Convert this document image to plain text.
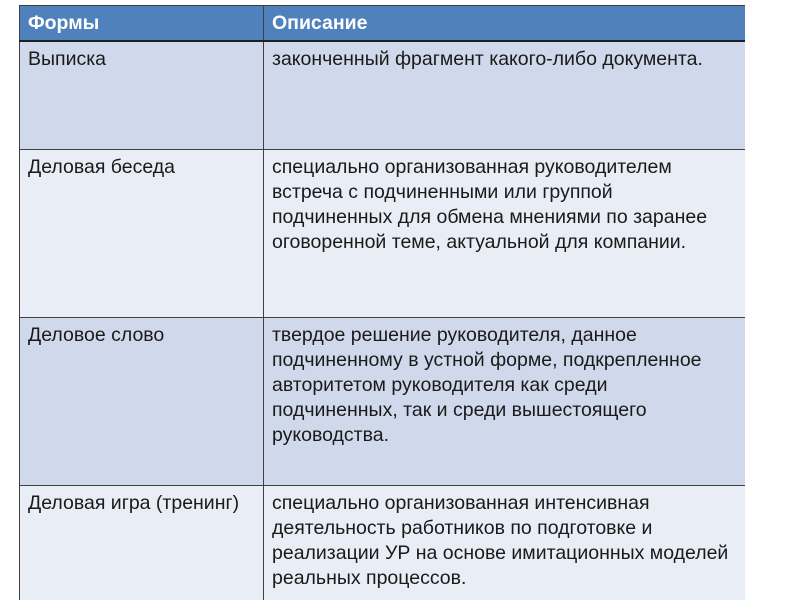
Формы	Описание
Выписка	законченный фрагмент какого-либо документа.
Деловая беседа	специально организованная руководителем встреча с подчиненными или группой подчиненных для обмена мнениями по заранее оговоренной теме, актуальной для компании.
Деловое слово	твердое решение руководителя, данное подчиненному в устной форме, подкрепленное авторитетом руководителя как среди подчиненных, так и среди вышестоящего руководства.
Деловая игра (тренинг)	специально организованная интенсивная деятельность работников по подготовке и реализации УР на основе имитационных моделей реальных процессов.
